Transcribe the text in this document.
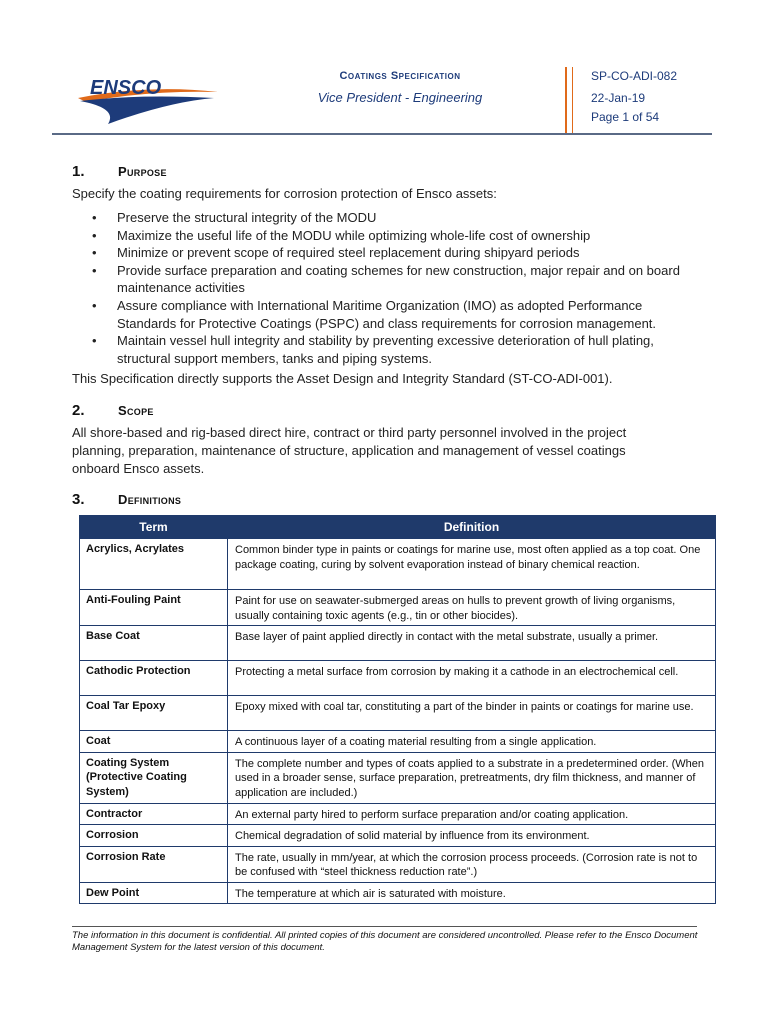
ENSCO
Coatings Specification
Vice President - Engineering
SP-CO-ADI-082
22-Jan-19
Page 1 of 54
1.	Purpose
Specify the coating requirements for corrosion protection of Ensco assets:
• Preserve the structural integrity of the MODU
• Maximize the useful life of the MODU while optimizing whole-life cost of ownership
• Minimize or prevent scope of required steel replacement during shipyard periods
• Provide surface preparation and coating schemes for new construction, major repair and on board maintenance activities
• Assure compliance with International Maritime Organization (IMO) as adopted Performance Standards for Protective Coatings (PSPC) and class requirements for corrosion management.
• Maintain vessel hull integrity and stability by preventing excessive deterioration of hull plating, structural support members, tanks and piping systems.
This Specification directly supports the Asset Design and Integrity Standard (ST-CO-ADI-001).
2.	Scope
All shore-based and rig-based direct hire, contract or third party personnel involved in the project planning, preparation, maintenance of structure, application and management of vessel coatings onboard Ensco assets.
3.	Definitions
Term	Definition
Acrylics, Acrylates	Common binder type in paints or coatings for marine use, most often applied as a top coat. One package coating, curing by solvent evaporation instead of binary chemical reaction.
Anti-Fouling Paint	Paint for use on seawater-submerged areas on hulls to prevent growth of living organisms, usually containing toxic agents (e.g., tin or other biocides).
Base Coat	Base layer of paint applied directly in contact with the metal substrate, usually a primer.
Cathodic Protection	Protecting a metal surface from corrosion by making it a cathode in an electrochemical cell.
Coal Tar Epoxy	Epoxy mixed with coal tar, constituting a part of the binder in paints or coatings for marine use.
Coat	A continuous layer of a coating material resulting from a single application.
Coating System (Protective Coating System)	The complete number and types of coats applied to a substrate in a predetermined order. (When used in a broader sense, surface preparation, pretreatments, dry film thickness, and manner of application are included.)
Contractor	An external party hired to perform surface preparation and/or coating application.
Corrosion	Chemical degradation of solid material by influence from its environment.
Corrosion Rate	The rate, usually in mm/year, at which the corrosion process proceeds. (Corrosion rate is not to be confused with “steel thickness reduction rate”.)
Dew Point	The temperature at which air is saturated with moisture.
The information in this document is confidential. All printed copies of this document are considered uncontrolled. Please refer to the Ensco Document Management System for the latest version of this document.
